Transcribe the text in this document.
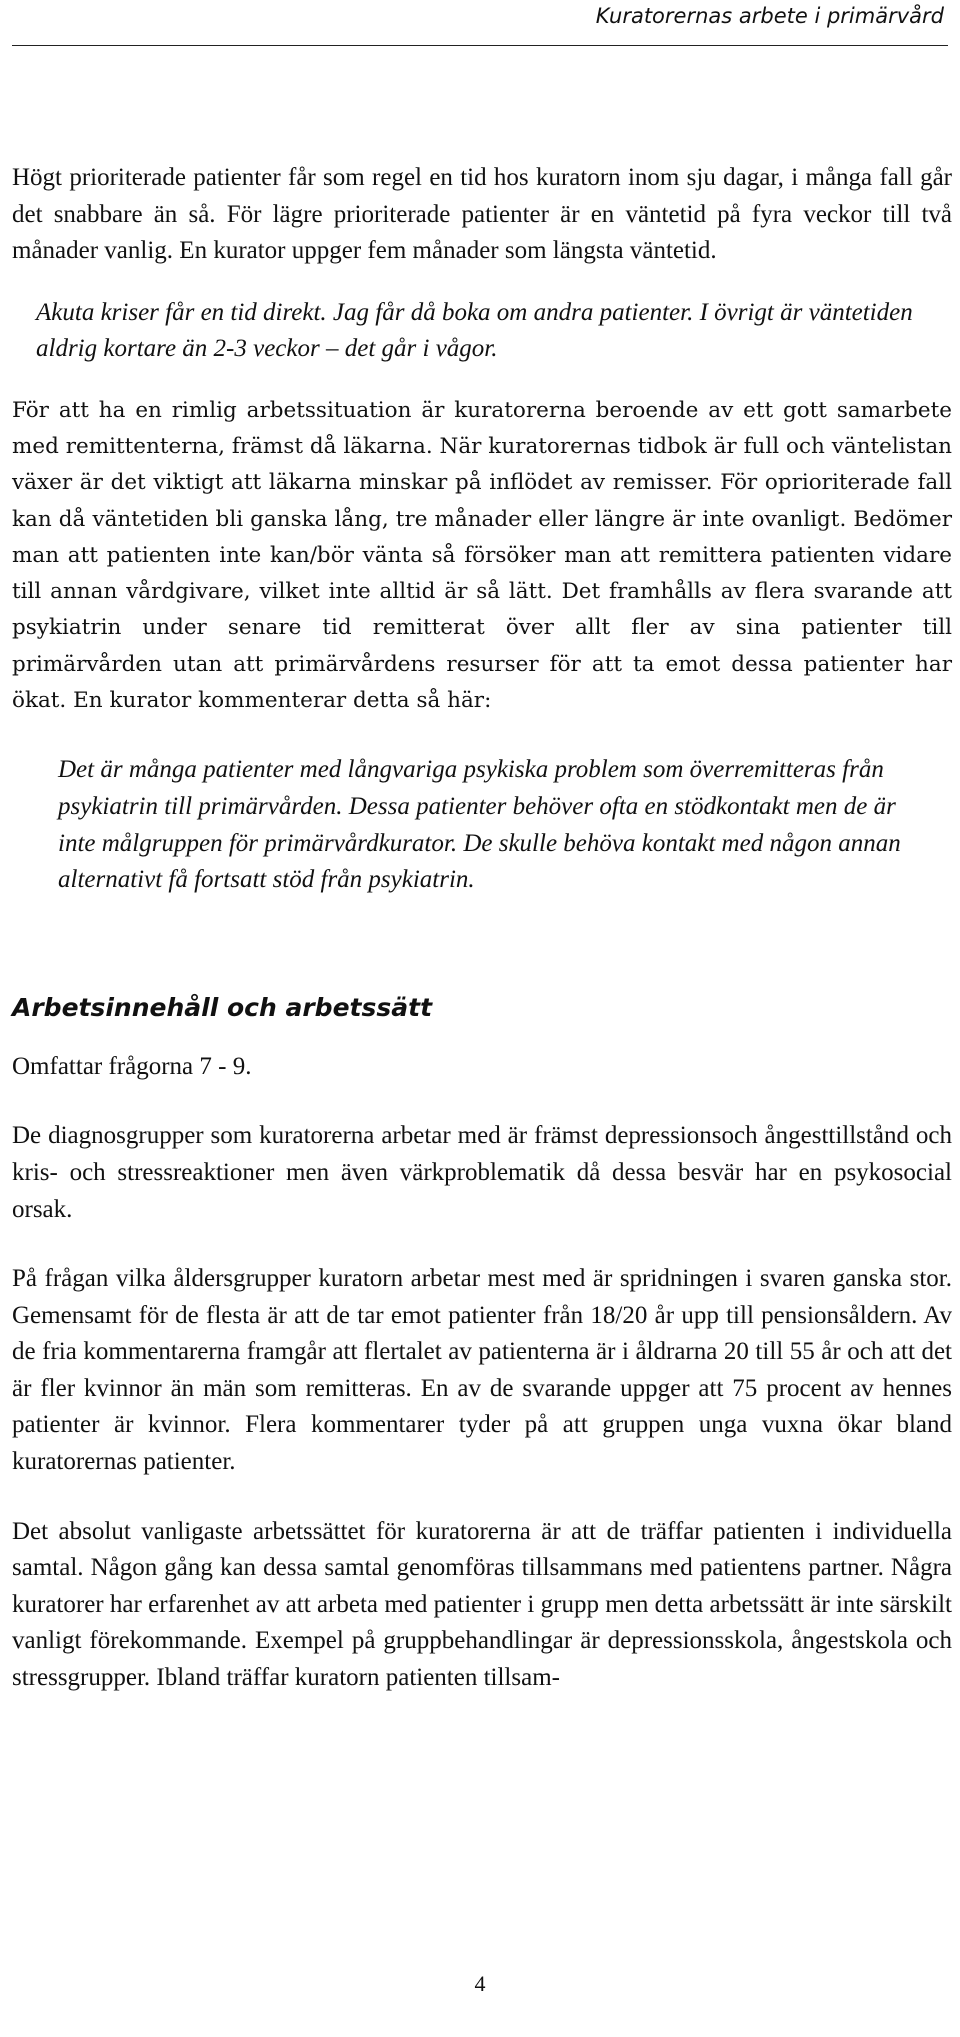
Kuratorernas arbete i primärvård

Högt prioriterade patienter får som regel en tid hos kuratorn inom sju dagar, i många fall går det snabbare än så. För lägre prioriterade patienter är en väntetid på fyra veckor till två månader vanlig. En kurator uppger fem månader som längsta väntetid.

Akuta kriser får en tid direkt. Jag får då boka om andra patienter. I övrigt är väntetiden aldrig kortare än 2-3 veckor – det går i vågor.

För att ha en rimlig arbetssituation är kuratorerna beroende av ett gott samarbete med remittenterna, främst då läkarna. När kuratorernas tidbok är full och väntelistan växer är det viktigt att läkarna minskar på inflödet av remisser. För oprioriterade fall kan då väntetiden bli ganska lång, tre månader eller längre är inte ovanligt. Bedömer man att patienten inte kan/bör vänta så försöker man att remittera patienten vidare till annan vårdgivare, vilket inte alltid är så lätt. Det framhålls av flera svarande att psykiatrin under senare tid remitterat över allt fler av sina patienter till primärvården utan att primärvårdens resurser för att ta emot dessa patienter har ökat. En kurator kommenterar detta så här:

Det är många patienter med långvariga psykiska problem som överremitteras från psykiatrin till primärvården. Dessa patienter behöver ofta en stödkontakt men de är inte målgruppen för primärvårdkurator. De skulle behöva kontakt med någon annan alternativt få fortsatt stöd från psykiatrin.

Arbetsinnehåll och arbetssätt

Omfattar frågorna 7 - 9.

De diagnosgrupper som kuratorerna arbetar med är främst depressionsoch ångesttillstånd och kris- och stressreaktioner men även värkproblematik då dessa besvär har en psykosocial orsak.

På frågan vilka åldersgrupper kuratorn arbetar mest med är spridningen i svaren ganska stor. Gemensamt för de flesta är att de tar emot patienter från 18/20 år upp till pensionsåldern. Av de fria kommentarerna framgår att flertalet av patienterna är i åldrarna 20 till 55 år och att det är fler kvinnor än män som remitteras. En av de svarande uppger att 75 procent av hennes patienter är kvinnor. Flera kommentarer tyder på att gruppen unga vuxna ökar bland kuratorernas patienter.

Det absolut vanligaste arbetssättet för kuratorerna är att de träffar patienten i individuella samtal. Någon gång kan dessa samtal genomföras tillsammans med patientens partner. Några kuratorer har erfarenhet av att arbeta med patienter i grupp men detta arbetssätt är inte särskilt vanligt förekommande. Exempel på gruppbehandlingar är depressionsskola, ångestskola och stressgrupper. Ibland träffar kuratorn patienten tillsam-

4
